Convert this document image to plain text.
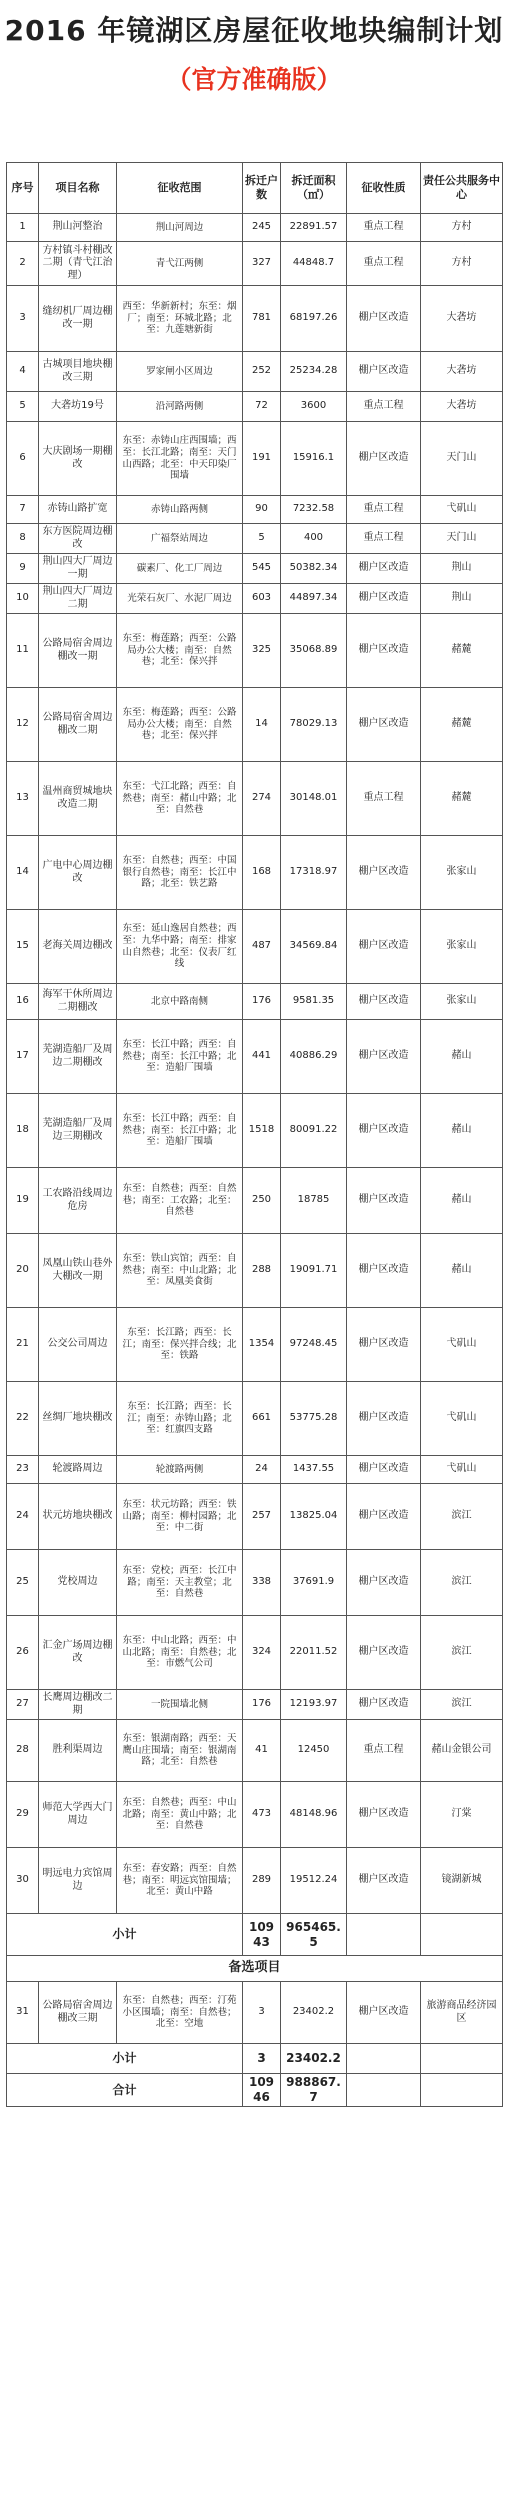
2016 年镜湖区房屋征收地块编制计划
（官方准确版）
序号	项目名称	征收范围	拆迁户数	拆迁面积（㎡）	征收性质	责任公共服务中心
1	荆山河整治	荆山河周边	245	22891.57	重点工程	方村
2	方村镇斗村棚改二期（青弋江治理）	青弋江两侧	327	44848.7	重点工程	方村
3	缝纫机厂周边棚改一期	西至：华新新村；东至：烟厂；南至：环城北路；北至：九莲塘新街	781	68197.26	棚户区改造	大砻坊
4	古城项目地块棚改三期	罗家闸小区周边	252	25234.28	棚户区改造	大砻坊
5	大砻坊19号	沿河路两侧	72	3600	重点工程	大砻坊
6	大庆剧场一期棚改	东至：赤铸山庄西围墙；西至：长江北路；南至：天门山西路；北至：中天印染厂围墙	191	15916.1	棚户区改造	天门山
7	赤铸山路扩宽	赤铸山路两侧	90	7232.58	重点工程	弋矶山
8	东方医院周边棚改	广福祭站周边	5	400	重点工程	天门山
9	荆山四大厂周边一期	碳素厂、化工厂周边	545	50382.34	棚户区改造	荆山
10	荆山四大厂周边二期	光荣石灰厂、水泥厂周边	603	44897.34	棚户区改造	荆山
11	公路局宿舍周边棚改一期	东至：梅莲路；西至：公路局办公大楼；南至：自然巷；北至：保兴拌	325	35068.89	棚户区改造	赭麓
12	公路局宿舍周边棚改二期	东至：梅莲路；西至：公路局办公大楼；南至：自然巷；北至：保兴拌	14	78029.13	棚户区改造	赭麓
13	温州商贸城地块改造二期	东至：弋江北路；西至：自然巷；南至：赭山中路；北至：自然巷	274	30148.01	重点工程	赭麓
14	广电中心周边棚改	东至：自然巷；西至：中国银行自然巷；南至：长江中路；北至：铁艺路	168	17318.97	棚户区改造	张家山
15	老海关周边棚改	东至：延山逸居自然巷；西至：九华中路；南至：排家山自然巷；北至：仪表厂红线	487	34569.84	棚户区改造	张家山
16	海军干休所周边二期棚改	北京中路南侧	176	9581.35	棚户区改造	张家山
17	芜湖造船厂及周边二期棚改	东至：长江中路；西至：自然巷；南至：长江中路；北至：造船厂围墙	441	40886.29	棚户区改造	赭山
18	芜湖造船厂及周边三期棚改	东至：长江中路；西至：自然巷；南至：长江中路；北至：造船厂围墙	1518	80091.22	棚户区改造	赭山
19	工农路沿线周边危房	东至：自然巷；西至：自然巷；南至：工农路；北至：自然巷	250	18785	棚户区改造	赭山
20	凤凰山铁山巷外大棚改一期	东至：铁山宾馆；西至：自然巷；南至：中山北路；北至：凤凰美食街	288	19091.71	棚户区改造	赭山
21	公交公司周边	东至：长江路；西至：长江；南至：保兴拌合线；北至：铁路	1354	97248.45	棚户区改造	弋矶山
22	丝绸厂地块棚改	东至：长江路；西至：长江；南至：赤铸山路；北至：红旗四支路	661	53775.28	棚户区改造	弋矶山
23	轮渡路周边	轮渡路两侧	24	1437.55	棚户区改造	弋矶山
24	状元坊地块棚改	东至：状元坊路；西至：铁山路；南至：柳村园路；北至：中二街	257	13825.04	棚户区改造	滨江
25	党校周边	东至：党校；西至：长江中路；南至：天主教堂；北至：自然巷	338	37691.9	棚户区改造	滨江
26	汇金广场周边棚改	东至：中山北路；西至：中山北路；南至：自然巷；北至：市燃气公司	324	22011.52	棚户区改造	滨江
27	长鹰周边棚改二期	一院围墙北侧	176	12193.97	棚户区改造	滨江
28	胜利渠周边	东至：银湖南路；西至：天鹰山庄围墙；南至：银湖南路；北至：自然巷	41	12450	重点工程	赭山金银公司
29	师范大学西大门周边	东至：自然巷；西至：中山北路；南至：黄山中路；北至：自然巷	473	48148.96	棚户区改造	汀棠
30	明远电力宾馆周边	东至：春安路；西至：自然巷；南至：明远宾馆围墙；北至：黄山中路	289	19512.24	棚户区改造	镜湖新城
小计			10943	965465.5		
备选项目						
31	公路局宿舍周边棚改三期	东至：自然巷；西至：汀苑小区围墙；南至：自然巷；北至：空地	3	23402.2	棚户区改造	旅游商品经济园区
小计			3	23402.2		
合计			10946	988867.7		
